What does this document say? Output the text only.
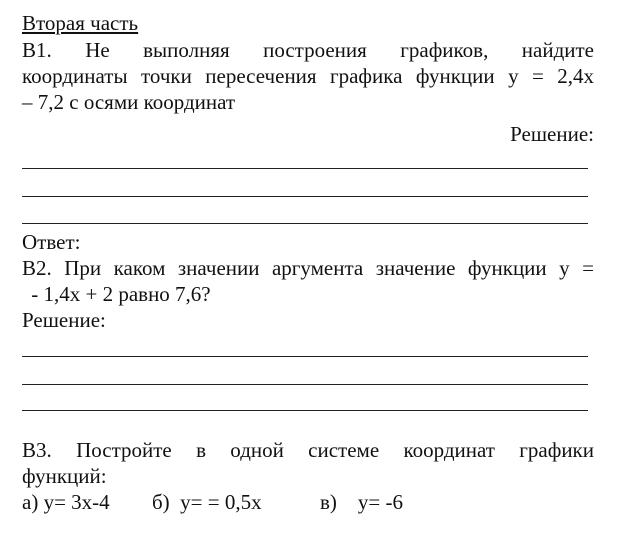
Вторая часть
В1. Не выполняя построения графиков, найдите
координаты точки пересечения графика функции у = 2,4х
– 7,2 с осями координат
Решение:
Ответ:
В2. При каком значении аргумента значение функции у =
- 1,4х + 2 равно 7,6?
Решение:
В3. Постройте в одной системе координат графики
функций:
а) у= 3х-4 б)  у= = 0,5х	в)    у= -6
